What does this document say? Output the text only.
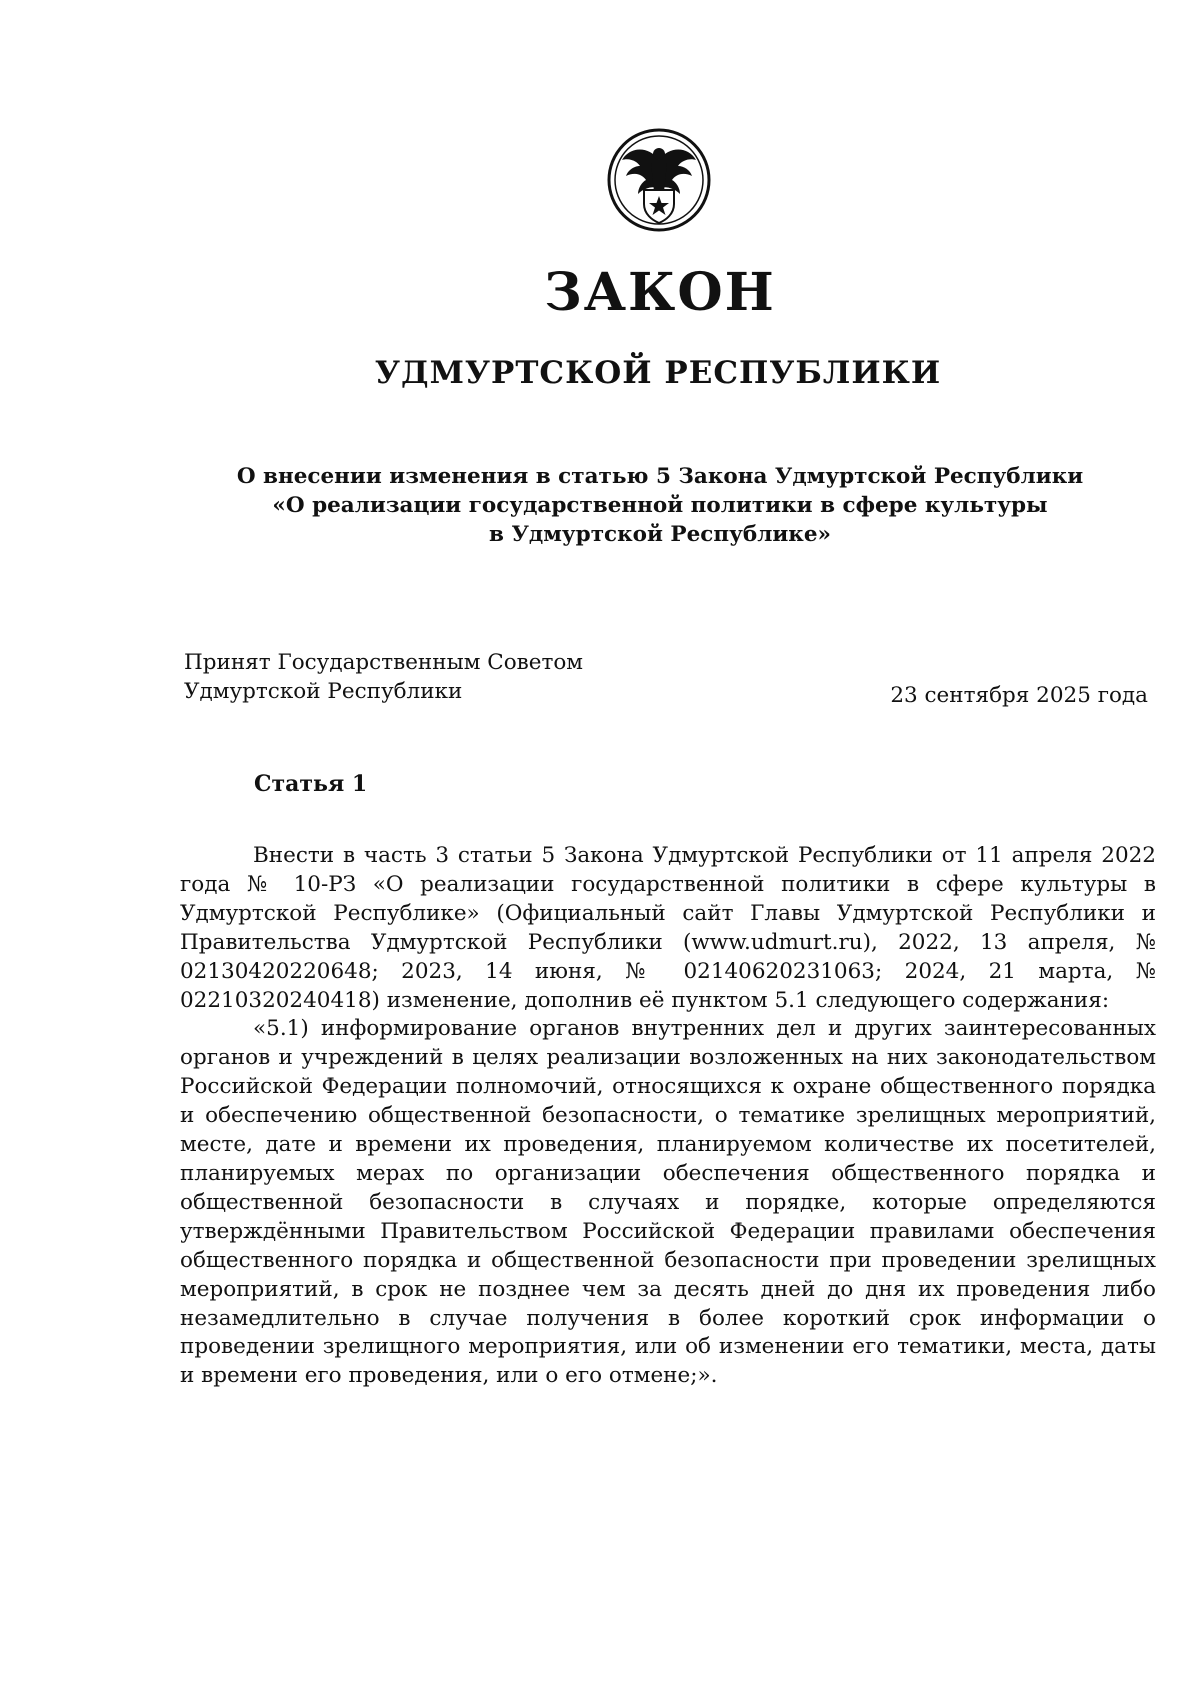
ЗАКОН
УДМУРТСКОЙ РЕСПУБЛИКИ
О внесении изменения в статью 5 Закона Удмуртской Республики
«О реализации государственной политики в сфере культуры
в Удмуртской Республике»
Принят Государственным Советом
Удмуртской Республики	23 сентября 2025 года
Статья 1

Внести в часть 3 статьи 5 Закона Удмуртской Республики от 11 апреля 2022 года № 10-РЗ «О реализации государственной политики в сфере культуры в Удмуртской Республике» (Официальный сайт Главы Удмуртской Республики и Правительства Удмуртской Республики (www.udmurt.ru), 2022, 13 апреля, № 02130420220648; 2023, 14 июня, № 02140620231063; 2024, 21 марта, № 02210320240418) изменение, дополнив её пунктом 5.1 следующего содержания:

«5.1) информирование органов внутренних дел и других заинтересованных органов и учреждений в целях реализации возложенных на них законодательством Российской Федерации полномочий, относящихся к охране общественного порядка и обеспечению общественной безопасности, о тематике зрелищных мероприятий, месте, дате и времени их проведения, планируемом количестве их посетителей, планируемых мерах по организации обеспечения общественного порядка и общественной безопасности в случаях и порядке, которые определяются утверждёнными Правительством Российской Федерации правилами обеспечения общественного порядка и общественной безопасности при проведении зрелищных мероприятий, в срок не позднее чем за десять дней до дня их проведения либо незамедлительно в случае получения в более короткий срок информации о проведении зрелищного мероприятия, или об изменении его тематики, места, даты и времени его проведения, или о его отмене;».
